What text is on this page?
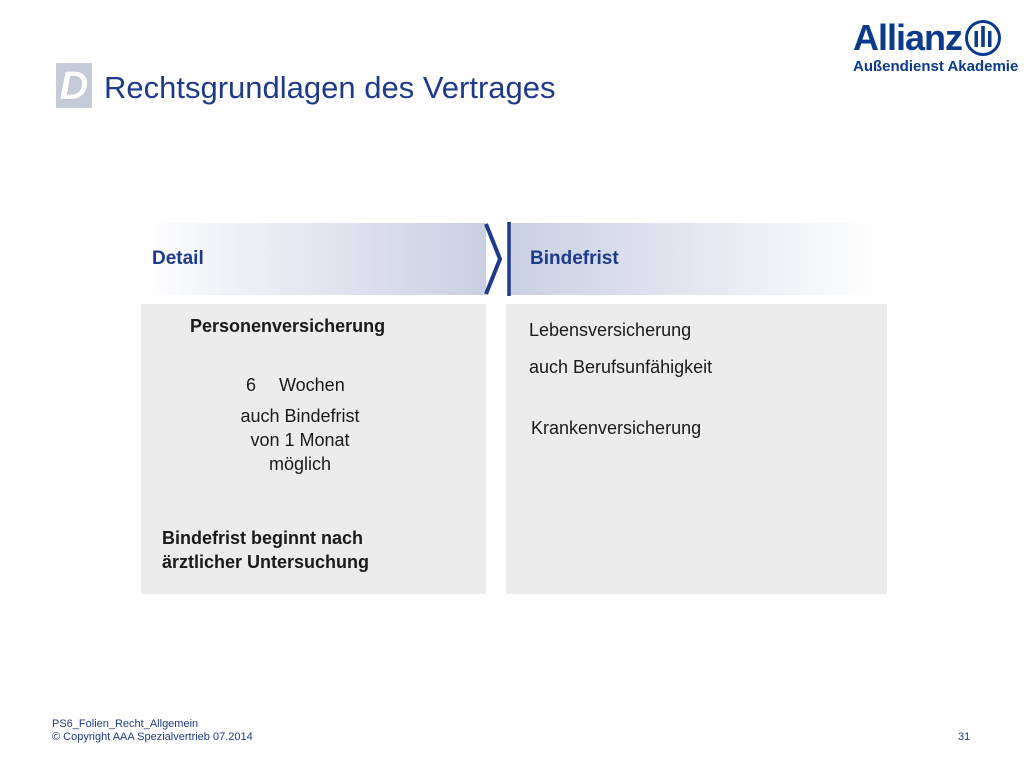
D Rechtsgrundlagen des Vertrages
Allianz
Außendienst Akademie
Detail	Bindefrist
Personenversicherung
6 Wochen
auch Bindefrist
von 1 Monat
möglich
Bindefrist beginnt nach
ärztlicher Untersuchung
Lebensversicherung
auch Berufsunfähigkeit
Krankenversicherung
PS6_Folien_Recht_Allgemein
© Copyright AAA Spezialvertrieb 07.2014	31
